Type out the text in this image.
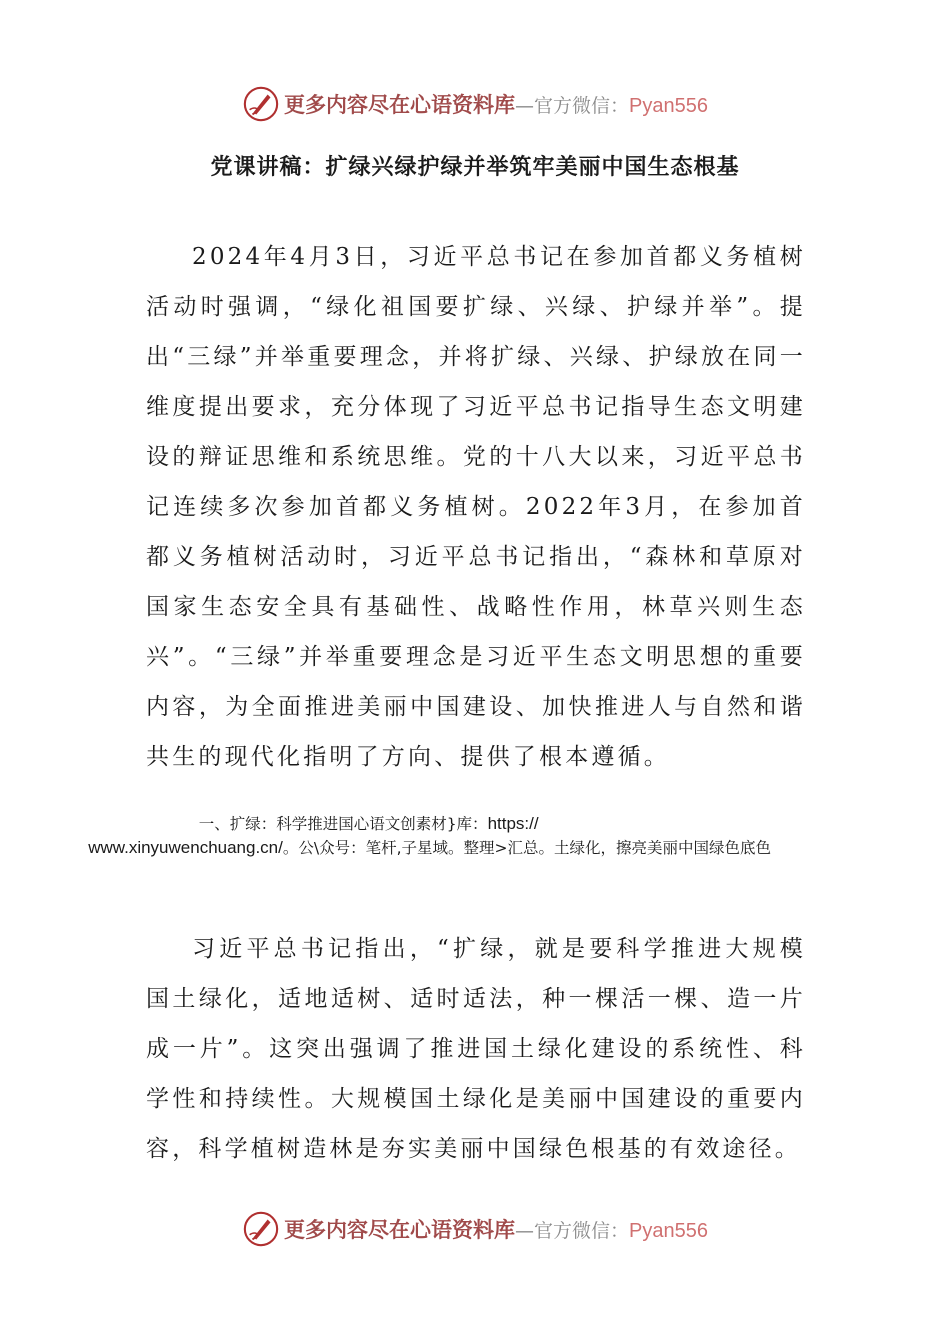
更多内容尽在心语资料库 —官方微信：Pyan556
党课讲稿：扩绿兴绿护绿并举筑牢美丽中国生态根基

2024年4月3日，习近平总书记在参加首都义务植树活动时强调，“绿化祖国要扩绿、兴绿、护绿并举”。提出“三绿”并举重要理念，并将扩绿、兴绿、护绿放在同一维度提出要求，充分体现了习近平总书记指导生态文明建设的辩证思维和系统思维。党的十八大以来，习近平总书记连续多次参加首都义务植树。2022年3月，在参加首都义务植树活动时，习近平总书记指出，“森林和草原对国家生态安全具有基础性、战略性作用，林草兴则生态兴”。“三绿”并举重要理念是习近平生态文明思想的重要内容，为全面推进美丽中国建设、加快推进人与自然和谐共生的现代化指明了方向、提供了根本遵循。

一、扩绿：科学推进国心语文创素材}库：https://
www.xinyuwenchuang.cn/。公\众号：笔杆,子星域。整理>汇总。土绿化，擦亮美丽中国绿色底色

习近平总书记指出，“扩绿，就是要科学推进大规模国土绿化，适地适树、适时适法，种一棵活一棵、造一片成一片”。这突出强调了推进国土绿化建设的系统性、科学性和持续性。大规模国土绿化是美丽中国建设的重要内容，科学植树造林是夯实美丽中国绿色根基的有效途径。

更多内容尽在心语资料库 —官方微信：Pyan556
